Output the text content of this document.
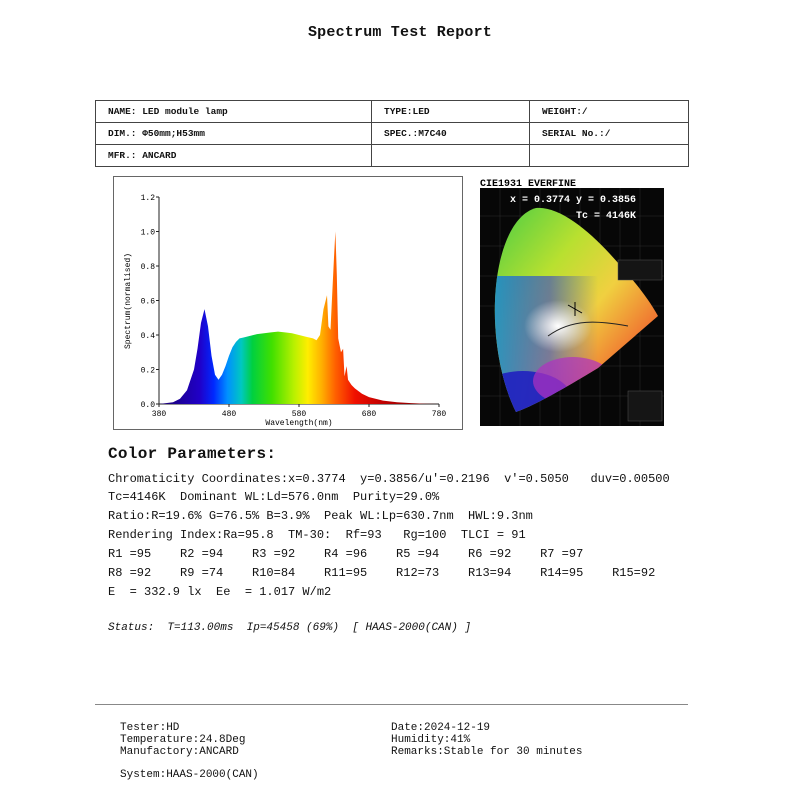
Spectrum Test Report
NAME: LED module lamp	TYPE:LED	WEIGHT:/
DIM.: Φ50mm;H53mm	SPEC.:M7C40	SERIAL No.:/
MFR.: ANCARD		
380	480	580	680	780
0.0
0.2
0.4
0.6
0.8
1.0
1.2
Wavelength(nm)
Spectrum(normalised)
CIE1931 EVERFINE
x = 0.3774 y = 0.3856
Tc = 4146K
Color Parameters:
Chromaticity Coordinates:x=0.3774  y=0.3856/u'=0.2196  v'=0.5050   duv=0.00500
Tc=4146K  Dominant WL:Ld=576.0nm  Purity=29.0%
Ratio:R=19.6% G=76.5% B=3.9%  Peak WL:Lp=630.7nm  HWL:9.3nm
Rendering Index:Ra=95.8  TM-30:  Rf=93   Rg=100  TLCI = 91
R1 =95    R2 =94    R3 =92    R4 =96    R5 =94    R6 =92    R7 =97
R8 =92    R9 =74    R10=84    R11=95    R12=73    R13=94    R14=95    R15=92
E  = 332.9 lx  Ee  = 1.017 W/m2
Status:  T=113.00ms  Ip=45458 (69%)  [ HAAS-2000(CAN) ]
Tester:HD
Temperature:24.8Deg
Manufactory:ANCARD
System:HAAS-2000(CAN)
Date:2024-12-19
Humidity:41%
Remarks:Stable for 30 minutes
